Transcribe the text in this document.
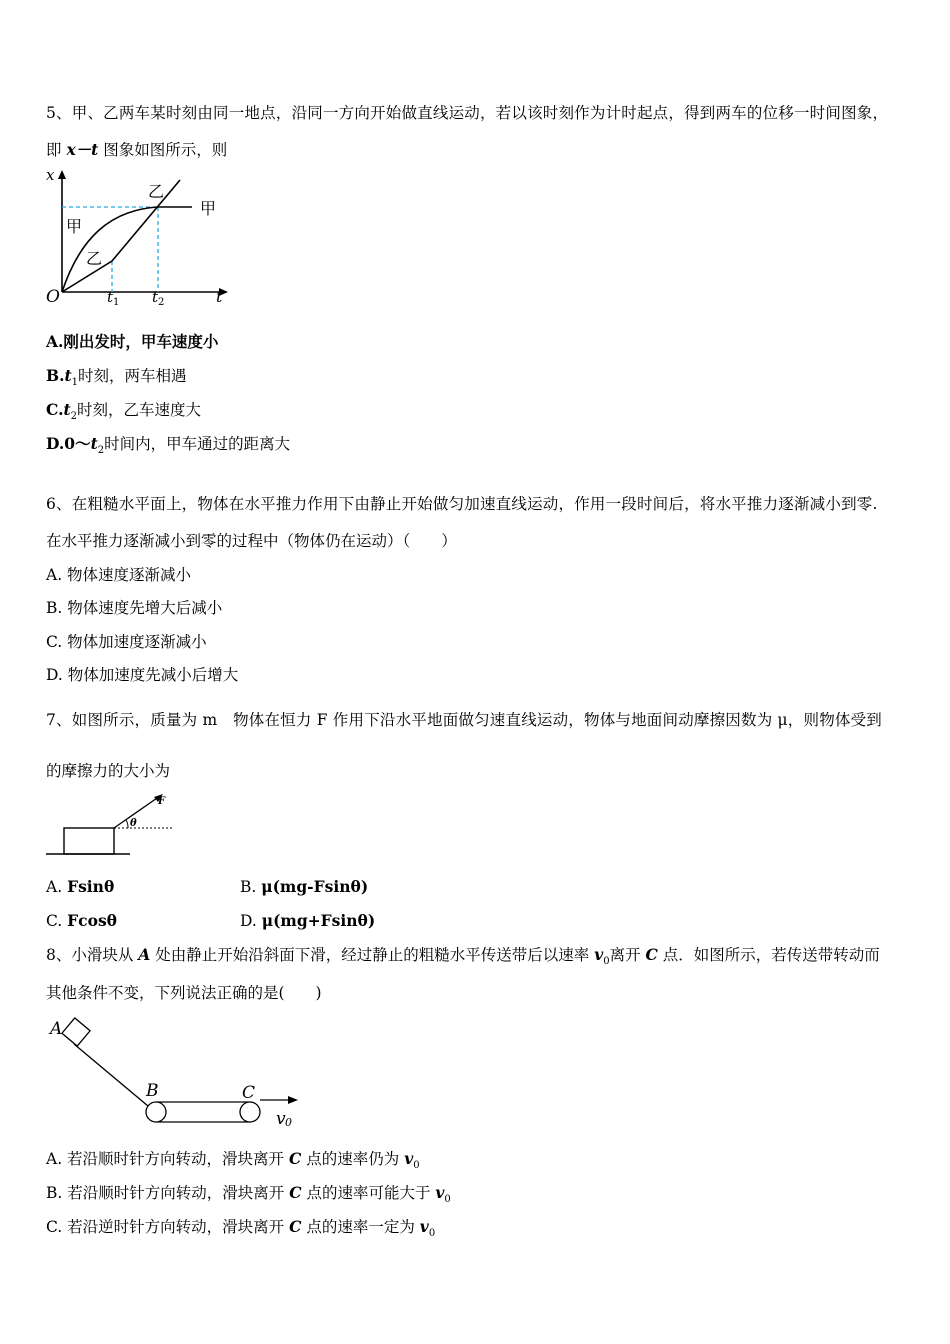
5、甲、乙两车某时刻由同一地点，沿同一方向开始做直线运动，若以该时刻作为计时起点，得到两车的位移一时间图象，
即 x－t 图象如图所示，则
x
t
O	t 1 t 2
甲
甲
乙
乙
A.刚出发时，甲车速度小
$B.t_1$时刻，两车相遇
$C.t_2$时刻，乙车速度大
$D.0\sim t_2$时间内，甲车通过的距离大
6、在粗糙水平面上，物体在水平推力作用下由静止开始做匀加速直线运动，作用一段时间后，将水平推力逐渐减小到零.
在水平推力逐渐减小到零的过程中（物体仍在运动）（　　）
A. 物体速度逐渐减小
B. 物体速度先增大后减小
C. 物体加速度逐渐减小
D. 物体加速度先减小后增大
7、如图所示，质量为 m　物体在恒力 F 作用下沿水平地面做匀速直线运动，物体与地面间动摩擦因数为 μ，则物体受到
的摩擦力的大小为
F
θ
A. Fsinθ	B. μ(mg-Fsinθ)
C. Fcosθ	D. μ(mg+Fsinθ)
8、小滑块从 A 处由静止开始沿斜面下滑，经过静止的粗糙水平传送带后以速率 $v_0$离开 C 点．如图所示，若传送带转动而
其他条件不变，下列说法正确的是(　　)
A
B	C
v 0
A. 若沿顺时针方向转动，滑块离开 C 点的速率仍为 $v_0$
B. 若沿顺时针方向转动，滑块离开 C 点的速率可能大于 $v_0$
C. 若沿逆时针方向转动，滑块离开 C 点的速率一定为 $v_0$
